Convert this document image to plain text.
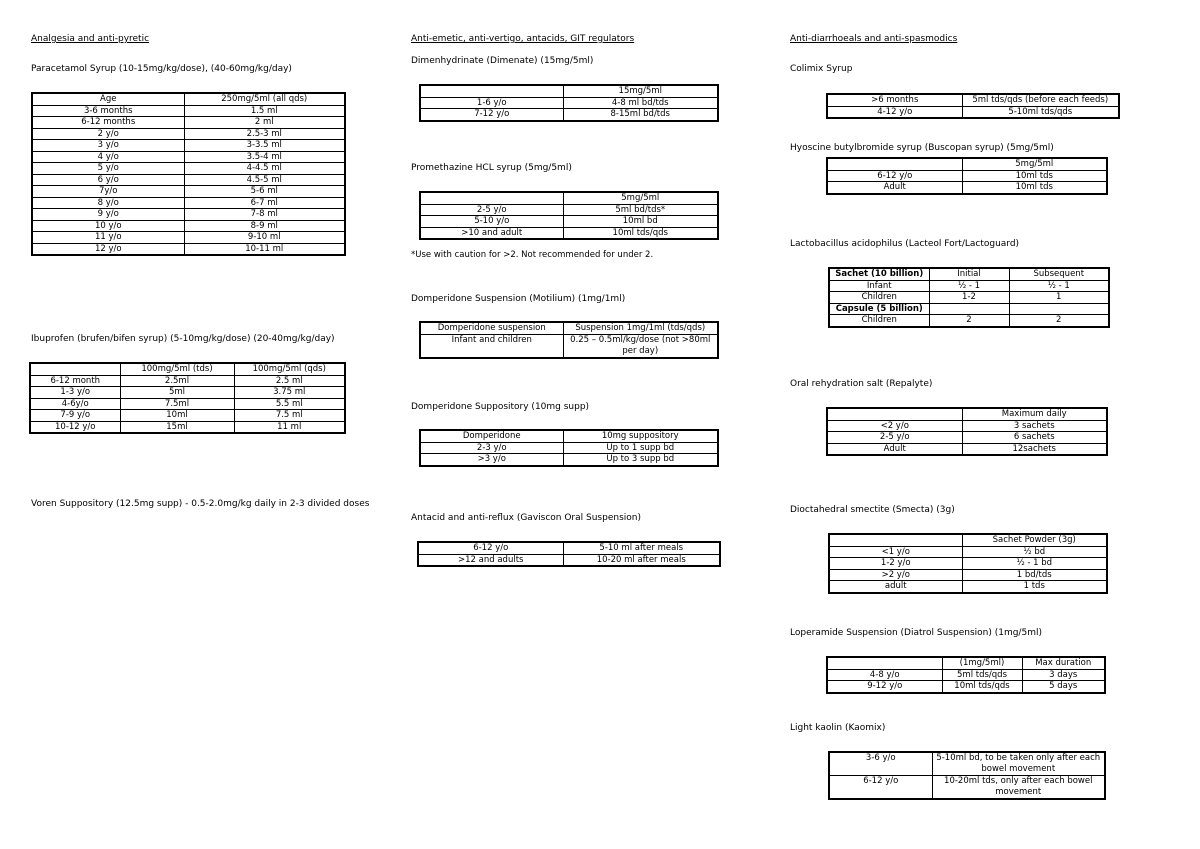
Analgesia and anti-pyretic
Paracetamol Syrup (10-15mg/kg/dose), (40-60mg/kg/day)
Age	250mg/5ml (all qds)
3-6 months	1.5 ml
6-12 months	2 ml
2 y/o	2.5-3 ml
3 y/o	3-3.5 ml
4 y/o	3.5-4 ml
5 y/o	4-4.5 ml
6 y/o	4.5-5 ml
7y/o	5-6 ml
8 y/o	6-7 ml
9 y/o	7-8 ml
10 y/o	8-9 ml
11 y/o	9-10 ml
12 y/o	10-11 ml
Ibuprofen (brufen/bifen syrup) (5-10mg/kg/dose) (20-40mg/kg/day)
	100mg/5ml (tds)	100mg/5ml (qds)
6-12 month	2.5ml	2.5 ml
1-3 y/o	5ml	3.75 ml
4-6y/o	7.5ml	5.5 ml
7-9 y/o	10ml	7.5 ml
10-12 y/o	15ml	11 ml
Voren Suppository (12.5mg supp) - 0.5-2.0mg/kg daily in 2-3 divided doses
Anti-emetic, anti-vertigo, antacids, GIT regulators
Dimenhydrinate (Dimenate) (15mg/5ml)
	15mg/5ml
1-6 y/o	4-8 ml bd/tds
7-12 y/o	8-15ml bd/tds
Promethazine HCL syrup (5mg/5ml)
	5mg/5ml
2-5 y/o	5ml bd/tds*
5-10 y/o	10ml bd
>10 and adult	10ml tds/qds
*Use with caution for >2. Not recommended for under 2.
Domperidone Suspension (Motilium) (1mg/1ml)
Domperidone suspension	Suspension 1mg/1ml (tds/qds)
Infant and children	0.25 – 0.5ml/kg/dose (not >80ml per day)
Domperidone Suppository (10mg supp)
Domperidone	10mg suppository
2-3 y/o	Up to 1 supp bd
>3 y/o	Up to 3 supp bd
Antacid and anti-reflux (Gaviscon Oral Suspension)
6-12 y/o	5-10 ml after meals
>12 and adults	10-20 ml after meals
Anti-diarrhoeals and anti-spasmodics
Colimix Syrup
>6 months	5ml tds/qds (before each feeds)
4-12 y/o	5-10ml tds/qds
Hyoscine butylbromide syrup (Buscopan syrup) (5mg/5ml)
	5mg/5ml
6-12 y/o	10ml tds
Adult	10ml tds
Lactobacillus acidophilus (Lacteol Fort/Lactoguard)
Sachet (10 billion)	Initial	Subsequent
Infant	½ - 1	½ - 1
Children	1-2	1
Capsule (5 billion)		
Children	2	2
Oral rehydration salt (Repalyte)
	Maximum daily
<2 y/o	3 sachets
2-5 y/o	6 sachets
Adult	12sachets
Dioctahedral smectite (Smecta) (3g)
	Sachet Powder (3g)
<1 y/o	½ bd
1-2 y/o	½ - 1 bd
>2 y/o	1 bd/tds
adult	1 tds
Loperamide Suspension (Diatrol Suspension) (1mg/5ml)
	(1mg/5ml)	Max duration
4-8 y/o	5ml tds/qds	3 days
9-12 y/o	10ml tds/qds	5 days
Light kaolin (Kaomix)
3-6 y/o	5-10ml bd, to be taken only after each bowel movement
6-12 y/o	10-20ml tds, only after each bowel movement
